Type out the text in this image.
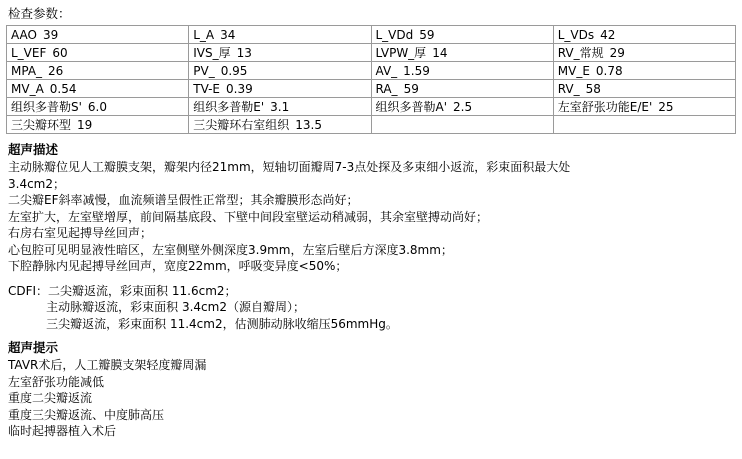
检查参数：
AAO 39	L_A 34	L_VDd 59	L_VDs 42
L_VEF 60	IVS_厚 13	LVPW_厚 14	RV_常规 29
MPA_ 26	PV_ 0.95	AV_ 1.59	MV_E 0.78
MV_A 0.54	TV-E 0.39	RA_ 59	RV_ 58
组织多普勒S' 6.0	组织多普勒E' 3.1	组织多普勒A' 2.5	左室舒张功能E/E' 25
三尖瓣环型 19	三尖瓣环右室组织 13.5		
超声描述
主动脉瓣位见人工瓣膜支架，瓣架内径21mm，短轴切面瓣周7-3点处探及多束细小返流，彩束面积最大处
3.4cm2；
二尖瓣EF斜率减慢，血流频谱呈假性正常型；其余瓣膜形态尚好；
左室扩大，左室壁增厚，前间隔基底段、下壁中间段室壁运动稍减弱，其余室壁搏动尚好；
右房右室见起搏导丝回声；
心包腔可见明显液性暗区，左室侧壁外侧深度3.9mm，左室后壁后方深度3.8mm；
下腔静脉内见起搏导丝回声，宽度22mm，呼吸变异度<50%；
CDFI：二尖瓣返流，彩束面积 11.6cm2；
主动脉瓣返流，彩束面积 3.4cm2（源自瓣周）；
三尖瓣返流，彩束面积 11.4cm2，估测肺动脉收缩压56mmHg。
超声提示
TAVR术后，人工瓣膜支架轻度瓣周漏
左室舒张功能减低
重度二尖瓣返流
重度三尖瓣返流、中度肺高压
临时起搏器植入术后
